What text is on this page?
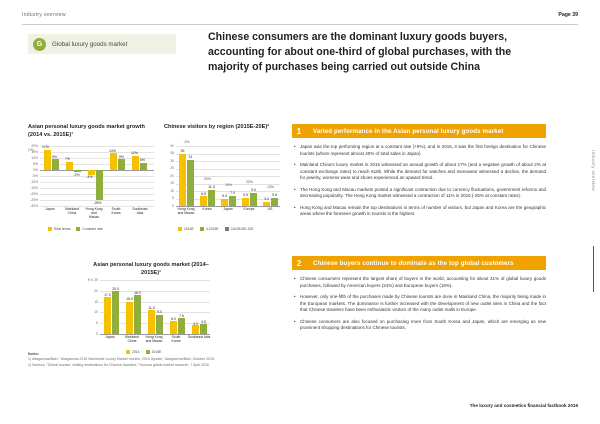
Industry overview	Page 39
Industry overview
G	Global luxury goods market
Chinese consumers are the dominant luxury goods buyers, accounting for about one-third of global purchases, with the majority of purchases being carried out outside China
Asian personal luxury goods market growth (2014 vs. 2015E)¹
(%)
17%
9%	7%
-2%	-4%
-25%
14%
9%
12%
6%
20%
15%
10%
5%
0%
-5%
-10%
-15%
-20%
-25%
-30%
Japan	Mainland
China
Hong Kong
and
Macau
South
Korea
Southeast
Asia
Real terms	Constant rate
Chinese visitors by region (2015E-20E)²
35
31
6.5
11.0
5.0
7.0	5.5
9.0
3.0
5.5
-2%
20%
15%
22%
13%
40
35
30
25
20
15
10
5
0
Hong Kong
and Macau
Korea	Japan	Europe	US
2015E	4-2015E	CAGR15E-20E
Asian personal luxury goods market (2014–2015E)¹
€ b
17.0
20.0
15.0
18.0
11.0
9.0
6.0
7.5
4.0 4.5
25
20
15
10
5
0
Japan	Mainland
China
Hong Kong
and Macau
South
Korea
Southeast Asia
2014	2015E
1	Varied performance in the Asian personal luxury goods market
• Japan was the top performing region at a constant rate (+9%), and in 2015, it was the first foreign destination for Chinese tourists (whom represent almost 40% of total sales in Japan).
• Mainland China's luxury market in 2015 witnessed an annual growth of about 17% (and a negative growth of about 2% at constant exchange rates) to reach €18b. While the demand for watches and menswear witnessed a decline, the demand for jewelry, womens wear and shoes experienced an upward trend.
• The Hong Kong and Macau markets posted a significant contraction due to currency fluctuations, government reforms and decreasing popularity. The Hong Kong market witnessed a contraction of 11% in 2015 (-25% at constant rates).
• Hong Kong and Macau remain the top destinations in terms of number of visitors, but Japan and Korea are the geographic areas where the foreseen growth in tourists is the highest.
2	Chinese buyers continue to dominate as the top global customers
• Chinese consumers represent the largest share of buyers in the world, accounting for about 31% of global luxury goods purchases, followed by American buyers (24%) and European buyers (18%).
• However, only one-fifth of the purchases made by Chinese tourists are done in Mainland China, the majority being made in the European markets. The dominance is further increased with the development of new outlet sites in China and the fact that Chinese travelers have been enthusiastic visitors of the many outlet malls in Europe.
• Chinese consumers are also focused on purchasing more from South Korea and Japan, which are emerging as new prominent shopping destinations for Chinese tourists.
Notes:
1) Altagamma/Bain, "Altagamma 2015 Worldwide Luxury Market monitor, 2015 Update," Altagamma/Bain, October 2015.
2) Nomura, "Global tourism: shifting destinations for Chinese travelers," Nomura global market research, 7 April 2016.
The luxury and cosmetics financial factbook 2016
